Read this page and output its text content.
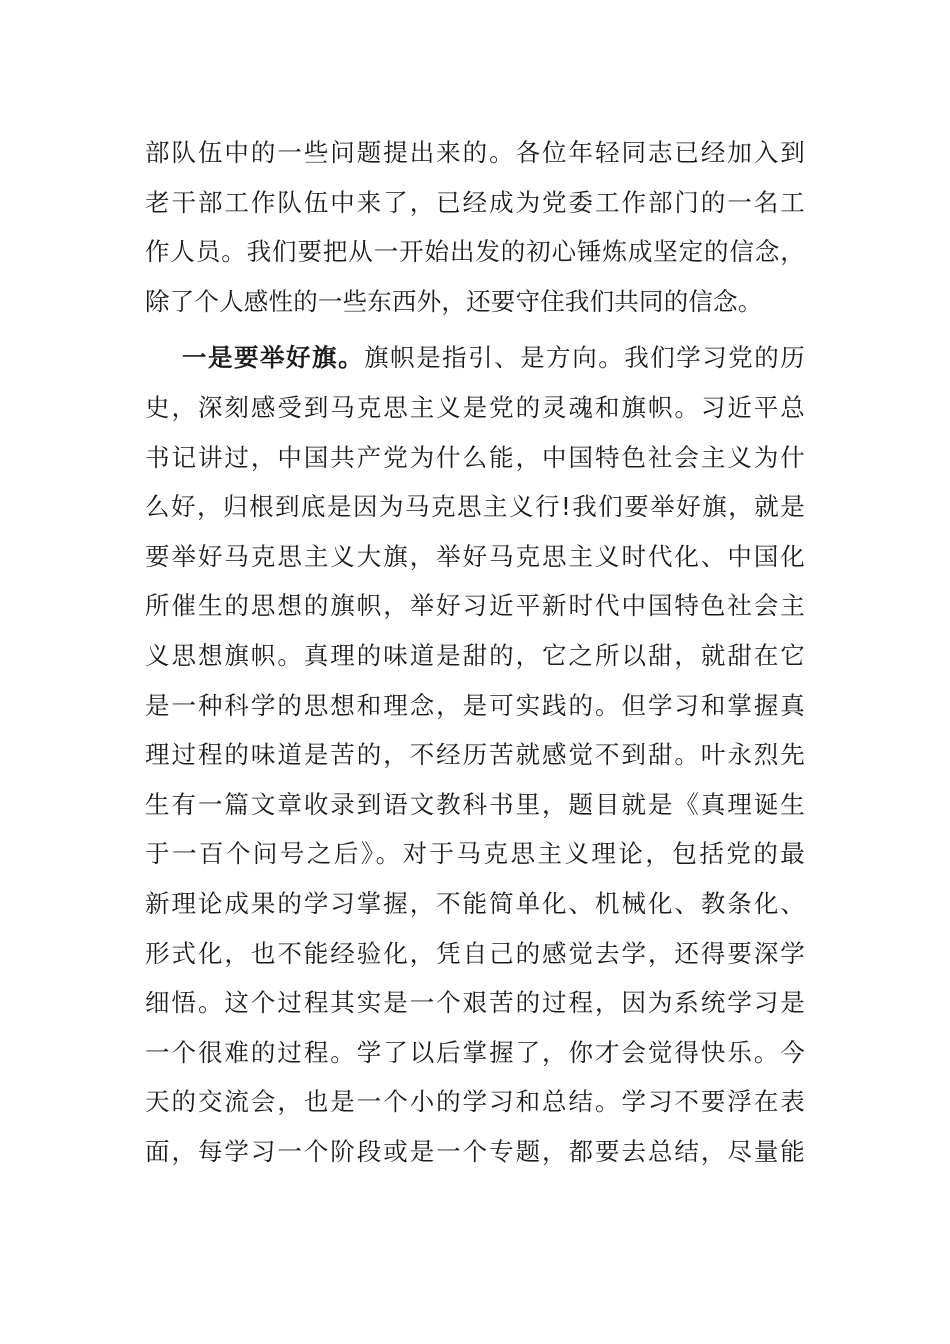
部队伍中的一些问题提出来的。各位年轻同志已经加入到
老干部工作队伍中来了，已经成为党委工作部门的一名工
作人员。我们要把从一开始出发的初心锤炼成坚定的信念，
除了个人感性的一些东西外，还要守住我们共同的信念。
一是要举好旗。旗帜是指引、是方向。我们学习党的历
史，深刻感受到马克思主义是党的灵魂和旗帜。习近平总
书记讲过，中国共产党为什么能，中国特色社会主义为什
么好，归根到底是因为马克思主义行!我们要举好旗，就是
要举好马克思主义大旗，举好马克思主义时代化、中国化
所催生的思想的旗帜，举好习近平新时代中国特色社会主
义思想旗帜。真理的味道是甜的，它之所以甜，就甜在它
是一种科学的思想和理念，是可实践的。但学习和掌握真
理过程的味道是苦的，不经历苦就感觉不到甜。叶永烈先
生有一篇文章收录到语文教科书里，题目就是《真理诞生
于一百个问号之后》。对于马克思主义理论，包括党的最
新理论成果的学习掌握，不能简单化、机械化、教条化、
形式化，也不能经验化，凭自己的感觉去学，还得要深学
细悟。这个过程其实是一个艰苦的过程，因为系统学习是
一个很难的过程。学了以后掌握了，你才会觉得快乐。今
天的交流会，也是一个小的学习和总结。学习不要浮在表
面，每学习一个阶段或是一个专题，都要去总结，尽量能
